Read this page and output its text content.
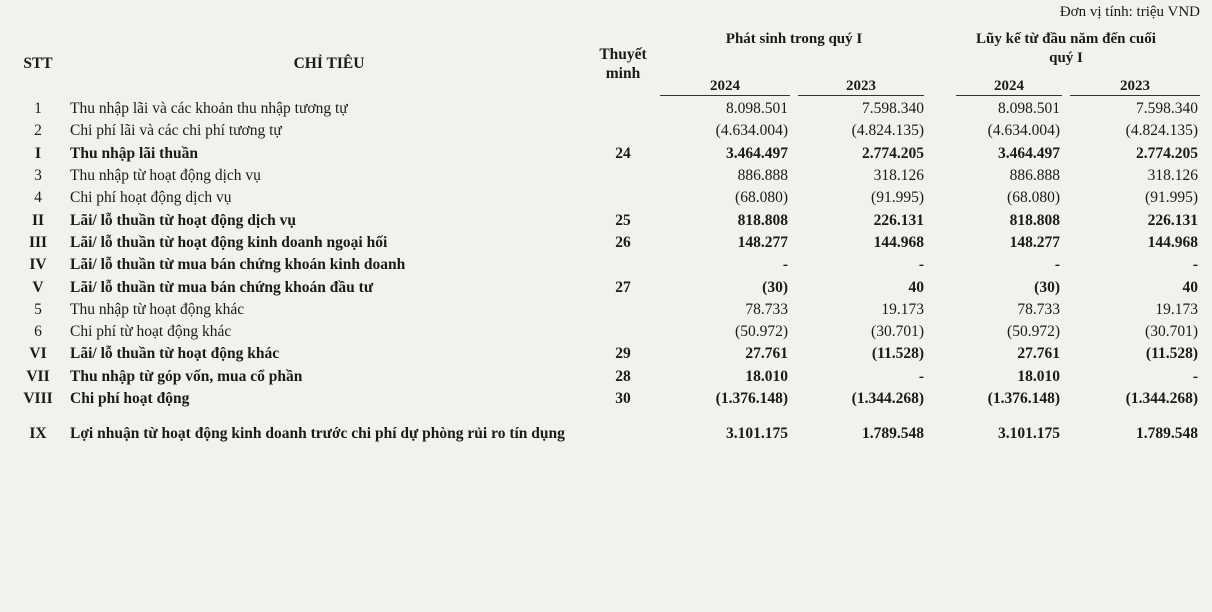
Đơn vị tính: triệu VND
STT	CHỈ TIÊU	Thuyết
minh	Phát sinh trong quý I		Lũy kế từ đầu năm đến cuối
quý I	

			2024	2023	2024	2023

1	Thu nhập lãi và các khoản thu nhập tương tự		8.098.501	7.598.340	8.098.501	7.598.340
2	Chi phí lãi và các chi phí tương tự		(4.634.004)	(4.824.135)	(4.634.004)	(4.824.135)
I	Thu nhập lãi thuần	24	3.464.497	2.774.205	3.464.497	2.774.205
3	Thu nhập từ hoạt động dịch vụ		886.888	318.126	886.888	318.126
4	Chi phí hoạt động dịch vụ		(68.080)	(91.995)	(68.080)	(91.995)
II	Lãi/ lỗ thuần từ hoạt động dịch vụ	25	818.808	226.131	818.808	226.131
III	Lãi/ lỗ thuần từ hoạt động kinh doanh ngoại hối	26	148.277	144.968	148.277	144.968
IV	Lãi/ lỗ thuần từ mua bán chứng khoán kinh doanh		-	-	-	-
V	Lãi/ lỗ thuần từ mua bán chứng khoán đầu tư	27	(30)	40	(30)	40
5	Thu nhập từ hoạt động khác		78.733	19.173	78.733	19.173
6	Chi phí từ hoạt động khác		(50.972)	(30.701)	(50.972)	(30.701)
VI	Lãi/ lỗ thuần từ hoạt động khác	29	27.761	(11.528)	27.761	(11.528)
VII	Thu nhập từ góp vốn, mua cổ phần	28	18.010	-	18.010	-
VIII	Chi phí hoạt động	30	(1.376.148)	(1.344.268)	(1.376.148)	(1.344.268)
IX	Lợi nhuận từ hoạt động kinh doanh trước chi phí dự phòng rủi ro tín dụng		3.101.175	1.789.548	3.101.175	1.789.548
